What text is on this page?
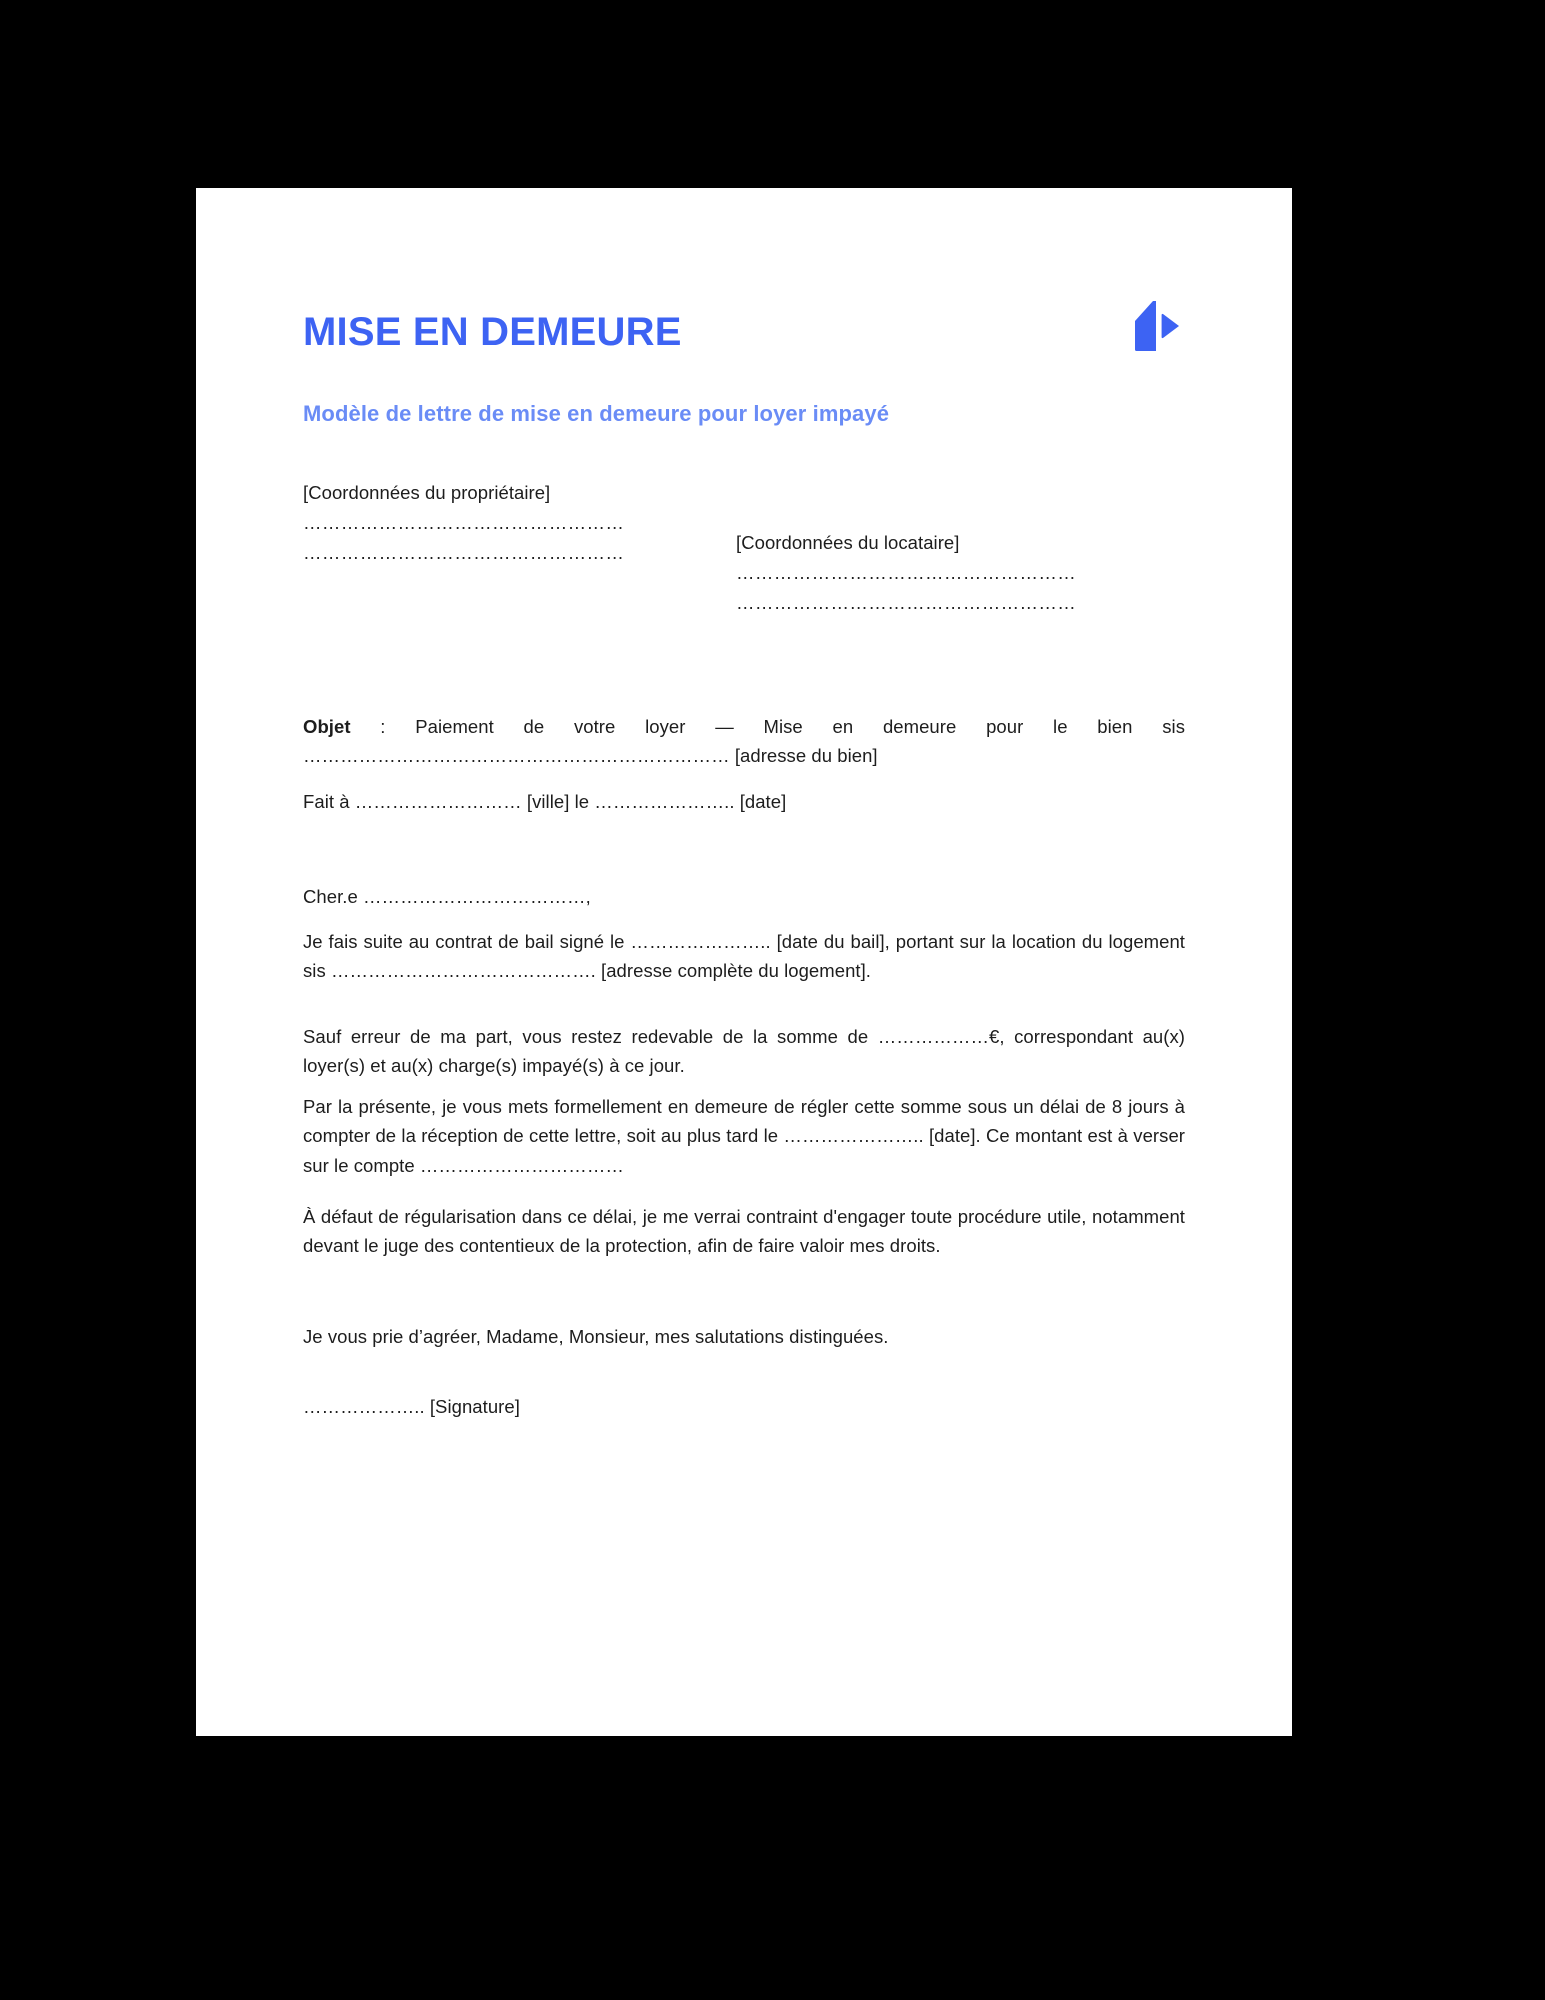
MISE EN DEMEURE
Modèle de lettre de mise en demeure pour loyer impayé
[Coordonnées du propriétaire]
……………………………………………
……………………………………………	[Coordonnées du locataire]
………………………………………………
………………………………………………

Objet : Paiement de votre loyer — Mise en demeure pour le bien sis …………………………………………………………… [adresse du bien]

Fait à ……………………… [ville] le ………………….. [date]

Cher.e ………………………………,

Je fais suite au contrat de bail signé le ………………….. [date du bail], portant sur la location du logement sis ……………………………………. [adresse complète du logement].

Sauf erreur de ma part, vous restez redevable de la somme de ………………€, correspondant au(x) loyer(s) et au(x) charge(s) impayé(s) à ce jour.

Par la présente, je vous mets formellement en demeure de régler cette somme sous un délai de 8 jours à compter de la réception de cette lettre, soit au plus tard le ………………….. [date]. Ce montant est à verser sur le compte ……………………………

À défaut de régularisation dans ce délai, je me verrai contraint d'engager toute procédure utile, notamment devant le juge des contentieux de la protection, afin de faire valoir mes droits.

Je vous prie d’agréer, Madame, Monsieur, mes salutations distinguées.

……………….. [Signature]
